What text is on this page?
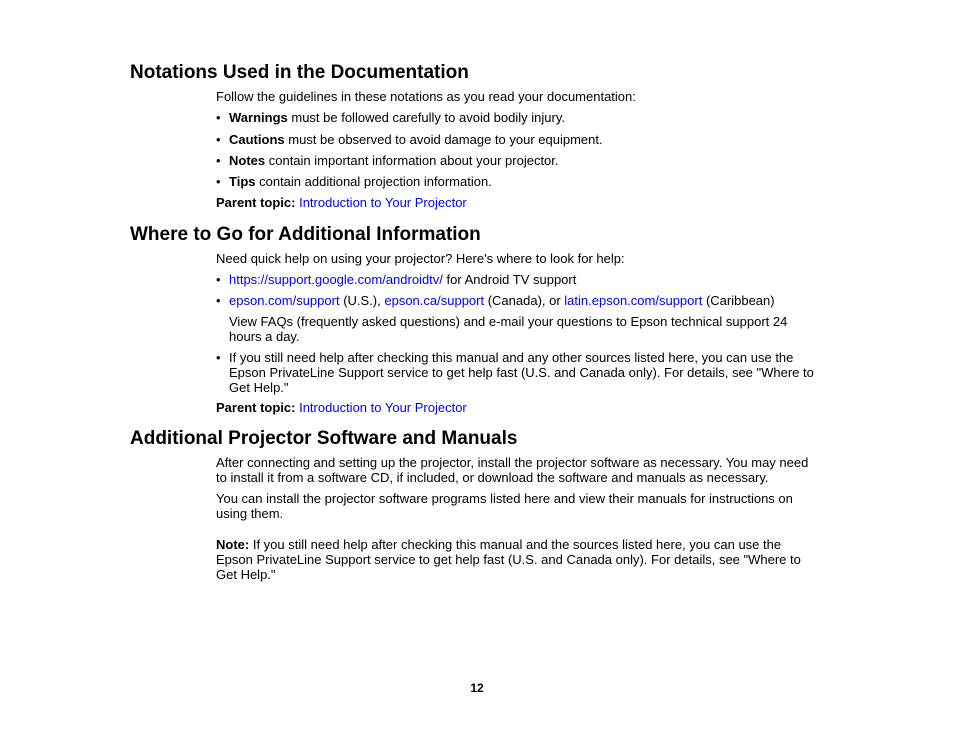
Notations Used in the Documentation

Follow the guidelines in these notations as you read your documentation:

• Warnings must be followed carefully to avoid bodily injury.

• Cautions must be observed to avoid damage to your equipment.

• Notes contain important information about your projector.

• Tips contain additional projection information.

Parent topic: Introduction to Your Projector

Where to Go for Additional Information

Need quick help on using your projector? Here's where to look for help:

• https://support.google.com/androidtv/ for Android TV support

• epson.com/support (U.S.), epson.ca/support (Canada), or latin.epson.com/support (Caribbean)

View FAQs (frequently asked questions) and e-mail your questions to Epson technical support 24 hours a day.

• If you still need help after checking this manual and any other sources listed here, you can use the Epson PrivateLine Support service to get help fast (U.S. and Canada only). For details, see "Where to Get Help."

Parent topic: Introduction to Your Projector

Additional Projector Software and Manuals

After connecting and setting up the projector, install the projector software as necessary. You may need to install it from a software CD, if included, or download the software and manuals as necessary.

You can install the projector software programs listed here and view their manuals for instructions on using them.

Note: If you still need help after checking this manual and the sources listed here, you can use the Epson PrivateLine Support service to get help fast (U.S. and Canada only). For details, see "Where to Get Help."

12
